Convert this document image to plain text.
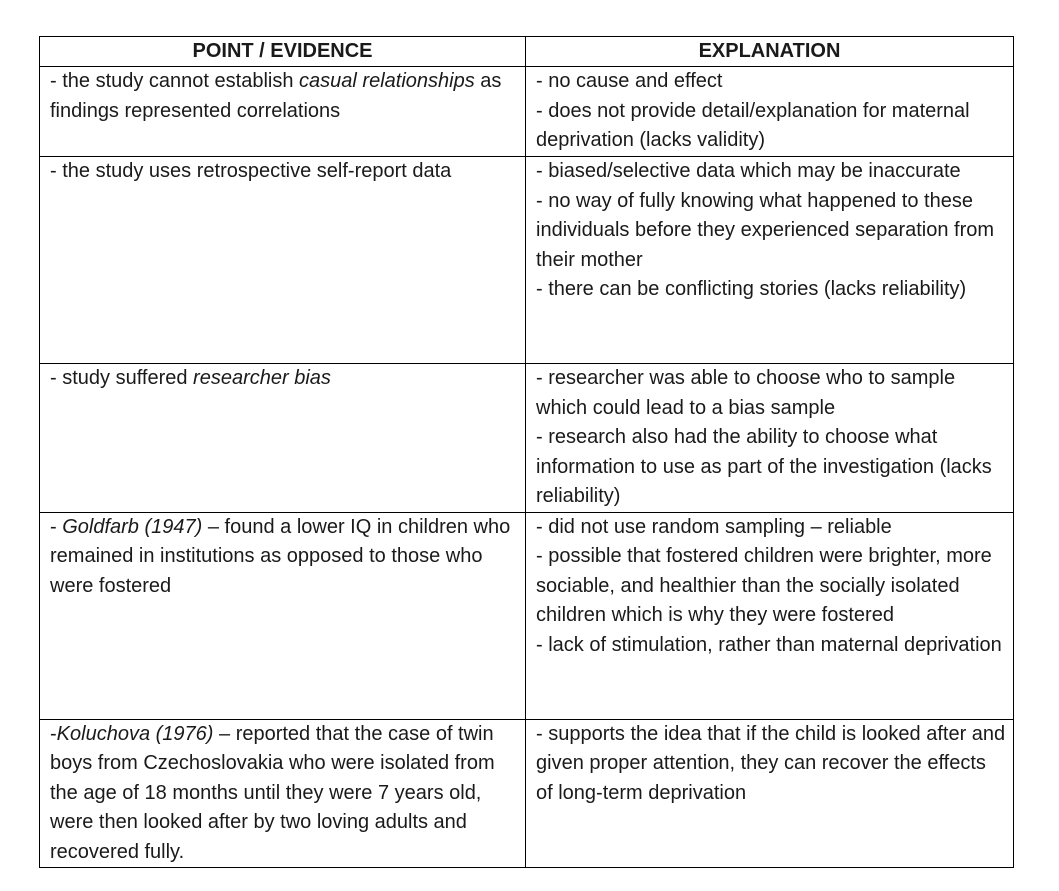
POINT / EVIDENCE	EXPLANATION
- the study cannot establish casual relationships as findings represented correlations	- no cause and effect
- does not provide detail/explanation for maternal deprivation (lacks validity)

- the study uses retrospective self-report data	- biased/selective data which may be inaccurate
- no way of fully knowing what happened to these individuals before they experienced separation from their mother
- there can be conflicting stories (lacks reliability)

- study suffered researcher bias	- researcher was able to choose who to sample which could lead to a bias sample
- research also had the ability to choose what information to use as part of the investigation (lacks reliability)

- Goldfarb (1947) – found a lower IQ in children who remained in institutions as opposed to those who were fostered	- did not use random sampling – reliable
- possible that fostered children were brighter, more sociable, and healthier than the socially isolated children which is why they were fostered
- lack of stimulation, rather than maternal deprivation

-Koluchova (1976) – reported that the case of twin boys from Czechoslovakia who were isolated from the age of 18 months until they were 7 years old, were then looked after by two loving adults and recovered fully.	- supports the idea that if the child is looked after and given proper attention, they can recover the effects of long-term deprivation
